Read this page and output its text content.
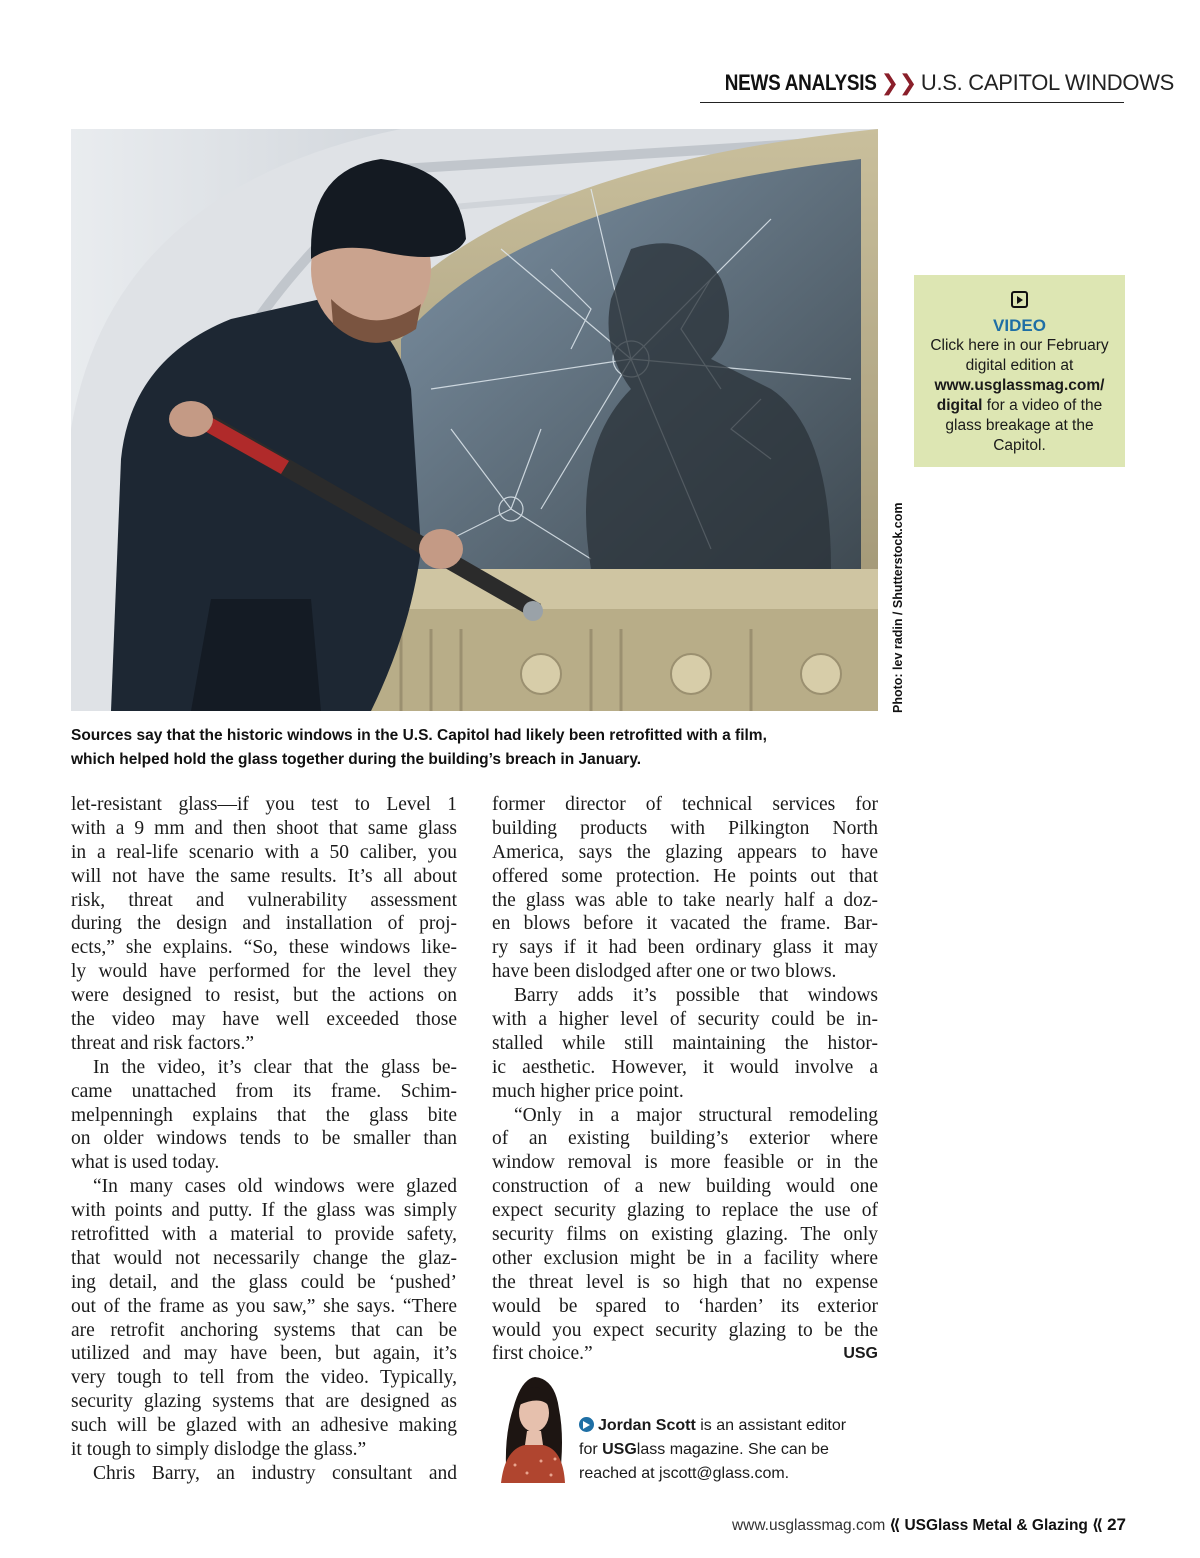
NEWS ANALYSIS ❯❯ U.S. CAPITOL WINDOWS
Photo: lev radin / Shutterstock.com
VIDEO
Click here in our February digital edition at www.usglassmag.com/ digital for a video of the glass breakage at the Capitol.

Sources say that the historic windows in the U.S. Capitol had likely been retrofitted with a film,

which helped hold the glass together during the building’s breach in January.

let-resistant glass—if you test to Level 1
with a 9 mm and then shoot that same glass
in a real-life scenario with a 50 caliber, you
will not have the same results. It’s all about
risk, threat and vulnerability assessment
during the design and installation of proj-
ects,” she explains. “So, these windows like-
ly would have performed for the level they
were designed to resist, but the actions on
the video may have well exceeded those
threat and risk factors.”
In the video, it’s clear that the glass be-
came unattached from its frame. Schim-
melpenningh explains that the glass bite
on older windows tends to be smaller than
what is used today.
“In many cases old windows were glazed
with points and putty. If the glass was simply
retrofitted with a material to provide safety,
that would not necessarily change the glaz-
ing detail, and the glass could be ‘pushed’
out of the frame as you saw,” she says. “There
are retrofit anchoring systems that can be
utilized and may have been, but again, it’s
very tough to tell from the video. Typically,
security glazing systems that are designed as
such will be glazed with an adhesive making
it tough to simply dislodge the glass.”
Chris Barry, an industry consultant and
former director of technical services for
building products with Pilkington North
America, says the glazing appears to have
offered some protection. He points out that
the glass was able to take nearly half a doz-
en blows before it vacated the frame. Bar-
ry says if it had been ordinary glass it may
have been dislodged after one or two blows.
Barry adds it’s possible that windows
with a higher level of security could be in-
stalled while still maintaining the histor-
ic aesthetic. However, it would involve a
much higher price point.
“Only in a major structural remodeling
of an existing building’s exterior where
window removal is more feasible or in the
construction of a new building would one
expect security glazing to replace the use of
security films on existing glazing. The only
other exclusion might be in a facility where
the threat level is so high that no expense
would be spared to ‘harden’ its exterior
would you expect security glazing to be the
first choice.”	USG
Jordan Scott is an assistant editor
for USGlass magazine. She can be
reached at jscott@glass.com.
www.usglassmag.com ⟪ USGlass Metal & Glazing ⟪ 27
